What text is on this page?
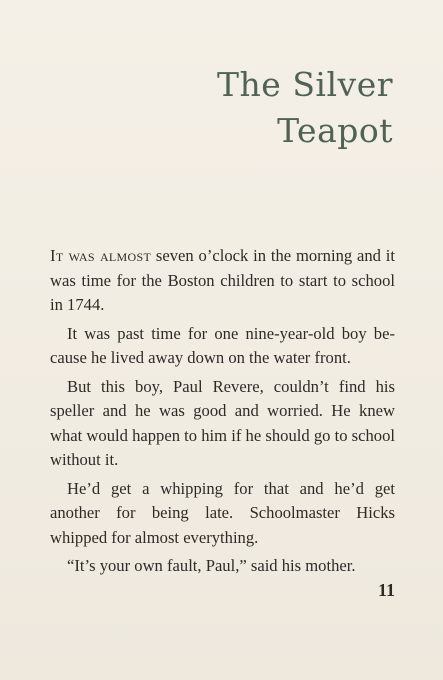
The Silver
Teapot

It was almost seven o’clock in the morning and it was time for the Boston children to start to school in 1744.

It was past time for one nine-year-old boy because he lived away down on the water front.

But this boy, Paul Revere, couldn’t find his speller and he was good and worried. He knew what would happen to him if he should go to school without it.

He’d get a whipping for that and he’d get another for being late. Schoolmaster Hicks whipped for almost everything.

“It’s your own fault, Paul,” said his mother.

11
